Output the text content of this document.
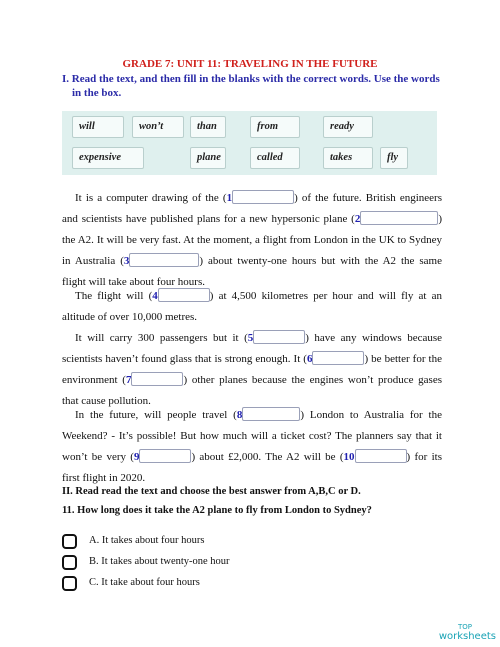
GRADE 7: UNIT 11: TRAVELING IN THE FUTURE
I. Read the text, and then fill in the blanks with the correct words. Use the words
in the box.
will	won’t	than	from	ready
expensive	plane	called	takes	fly
It is a computer drawing of the (1	) of the future. British engineers and scientists have published plans for a new hypersonic plane (2	) the A2. It will be very fast. At the moment, a flight from London in the UK to Sydney in Australia (3	) about twenty-one hours but with the A2 the same flight will take about four hours.
The flight will (4	) at 4,500 kilometres per hour and will fly at an altitude of over 10,000 metres.
It will carry 300 passengers but it (5	) have any windows because scientists haven’t found glass that is strong enough. It (6	) be better for the environment (7	) other planes because the engines won’t produce gases that cause pollution.
In the future, will people travel (8	) London to Australia for the Weekend? - It’s possible! But how much will a ticket cost? The planners say that it won’t be very (9	) about £2,000. The A2 will be (10	) for its first flight in 2020.
II. Read read the text and choose the best answer from A,B,C or D.
11. How long does it take the A2 plane to fly from London to Sydney?
A. It takes about four hours
B. It takes about twenty-one hour
C. It take about four hours
TOP
worksheets
